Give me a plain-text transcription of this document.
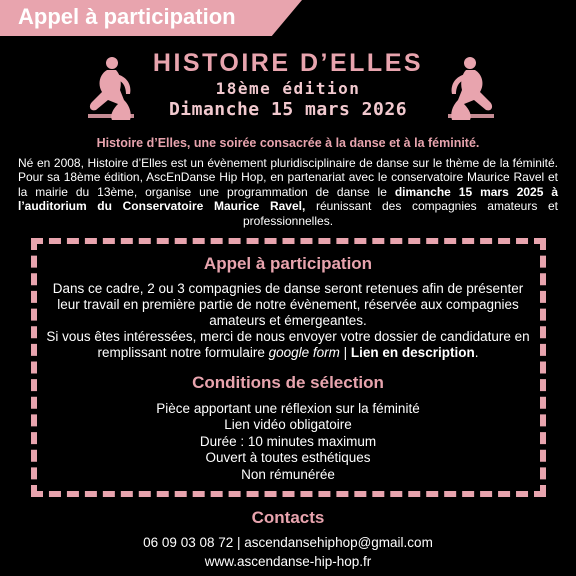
Appel à participation
HISTOIRE D’ELLES
18ème édition
Dimanche 15 mars 2026
Histoire d’Elles, une soirée consacrée à la danse et à la féminité.
Né en 2008, Histoire d’Elles est un évènement pluridisciplinaire de danse sur le thème de la féminité. Pour sa 18ème édition, AscEnDanse Hip Hop, en partenariat avec le conservatoire Maurice Ravel et la mairie du 13ème, organise une programmation de danse le dimanche 15 mars 2025 à l’auditorium du Conservatoire Maurice Ravel, réunissant des compagnies amateurs et professionnelles.
Appel à participation
Dans ce cadre, 2 ou 3 compagnies de danse seront retenues afin de présenter leur travail en première partie de notre évènement, réservée aux compagnies amateurs et émergeantes.
Si vous êtes intéressées, merci de nous envoyer votre dossier de candidature en remplissant notre formulaire google form | Lien en description.
Conditions de sélection
Pièce apportant une réflexion sur la féminité
Lien vidéo obligatoire
Durée : 10 minutes maximum
Ouvert à toutes esthétiques
Non rémunérée
Contacts
06 09 03 08 72 | ascendansehiphop@gmail.com
www.ascendanse-hip-hop.fr
